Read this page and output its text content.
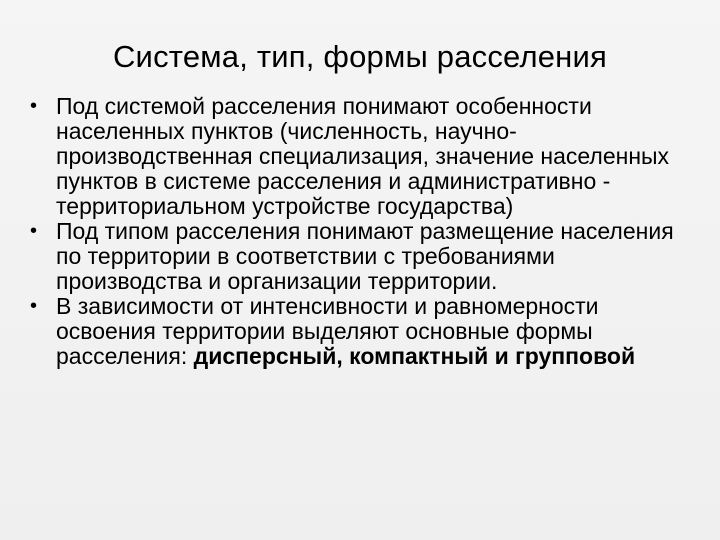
Система, тип, формы расселения
• Под системой расселения понимают особенности населенных пунктов (численность, научно-производственная специализация, значение населенных пунктов в системе расселения и административно - территориальном устройстве государства)
• Под типом расселения понимают размещение населения по территории в соответствии с требованиями производства и организации территории.
• В зависимости от интенсивности и равномерности освоения территории выделяют основные формы расселения: дисперсный, компактный и групповой
